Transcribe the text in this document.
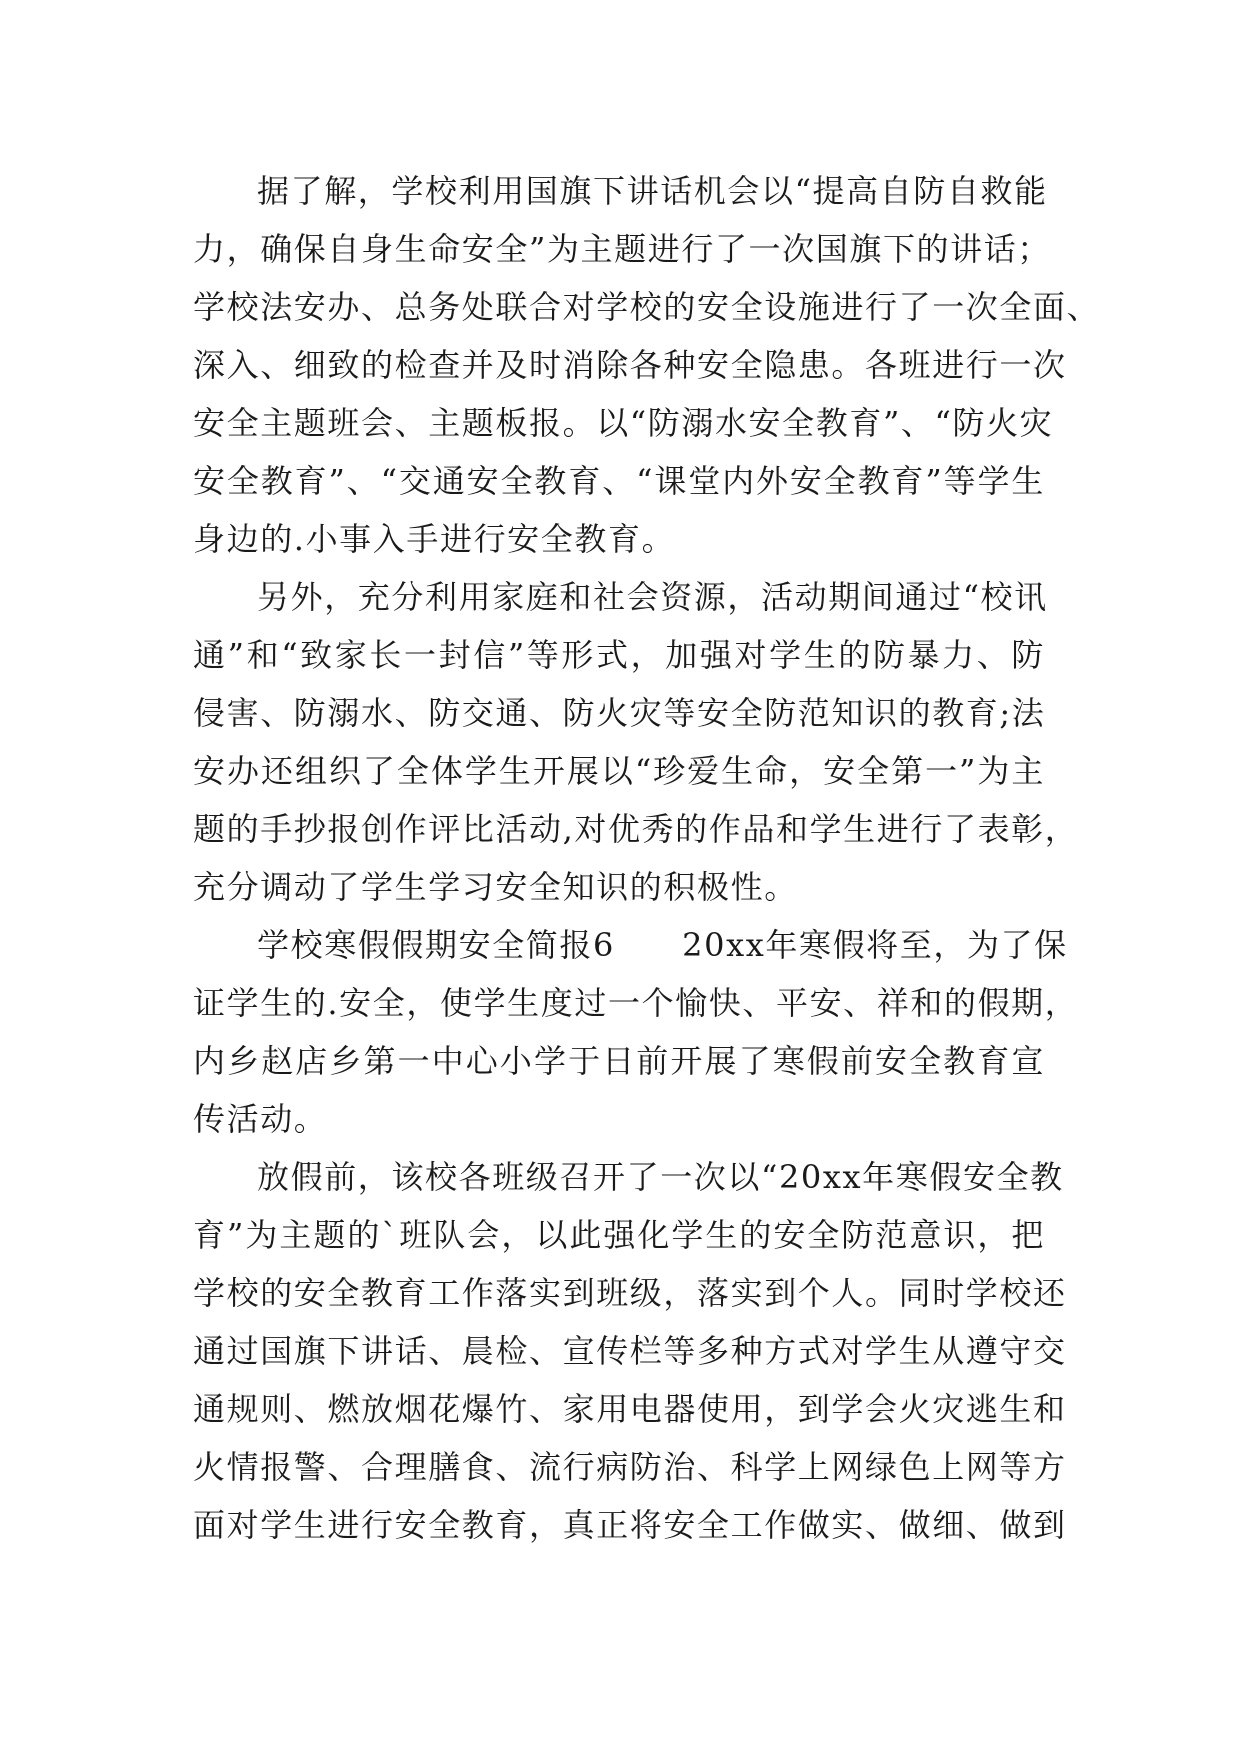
据了解，学校利用国旗下讲话机会以“提高自防自救能
力，确保自身生命安全”为主题进行了一次国旗下的讲话；
学校法安办、总务处联合对学校的安全设施进行了一次全面、
深入、细致的检查并及时消除各种安全隐患。各班进行一次
安全主题班会、主题板报。以“防溺水安全教育”、“防火灾
安全教育”、“交通安全教育、“课堂内外安全教育”等学生
身边的.小事入手进行安全教育。
另外，充分利用家庭和社会资源，活动期间通过“校讯
通”和“致家长一封信”等形式，加强对学生的防暴力、防
侵害、防溺水、防交通、防火灾等安全防范知识的教育;法
安办还组织了全体学生开展以“珍爱生命，安全第一”为主
题的手抄报创作评比活动,对优秀的作品和学生进行了表彰，
充分调动了学生学习安全知识的积极性。
学校寒假假期安全简报6　　20xx年寒假将至，为了保
证学生的.安全，使学生度过一个愉快、平安、祥和的假期，
内乡赵店乡第一中心小学于日前开展了寒假前安全教育宣
传活动。
放假前，该校各班级召开了一次以“20xx年寒假安全教
育”为主题的`班队会，以此强化学生的安全防范意识，把
学校的安全教育工作落实到班级，落实到个人。同时学校还
通过国旗下讲话、晨检、宣传栏等多种方式对学生从遵守交
通规则、燃放烟花爆竹、家用电器使用，到学会火灾逃生和
火情报警、合理膳食、流行病防治、科学上网绿色上网等方
面对学生进行安全教育，真正将安全工作做实、做细、做到
